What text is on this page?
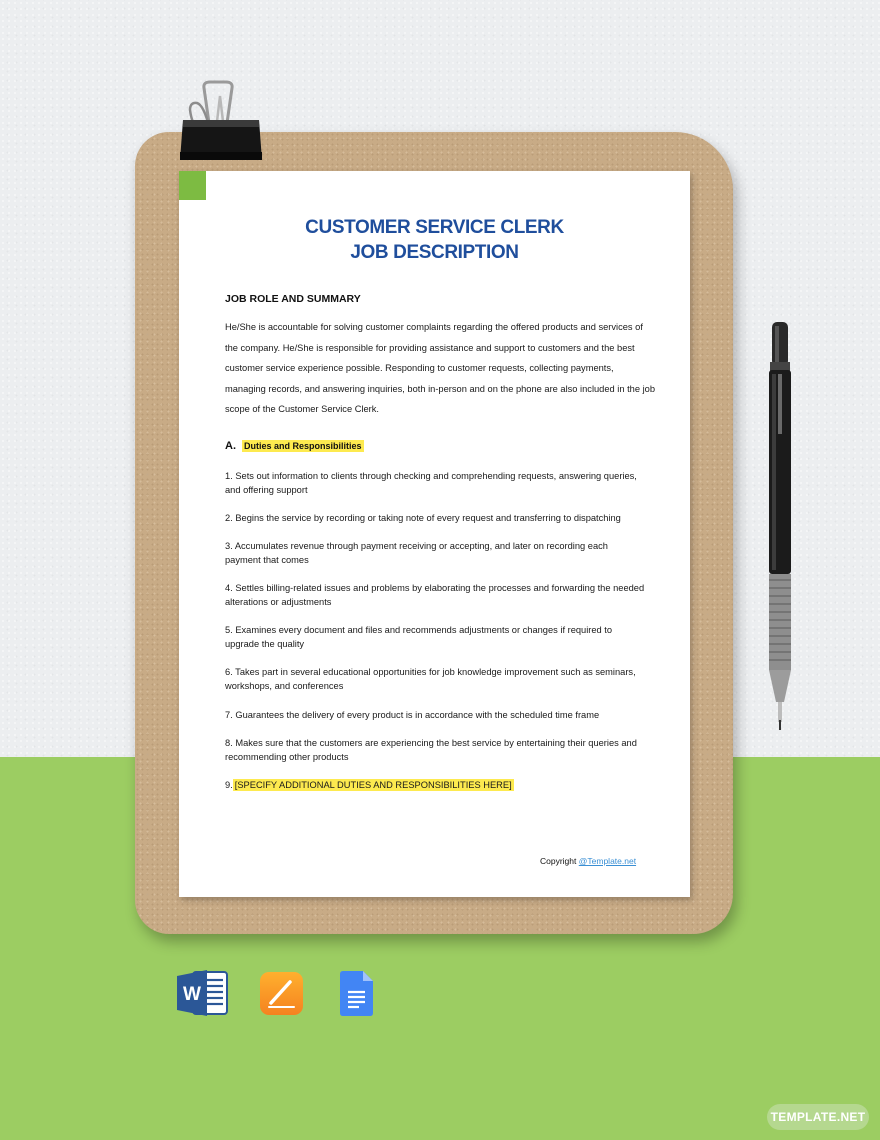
CUSTOMER SERVICE CLERK
JOB DESCRIPTION
JOB ROLE AND SUMMARY
He/She is accountable for solving customer complaints regarding the offered products and services of the company. He/She is responsible for providing assistance and support to customers and the best customer service experience possible. Responding to customer requests, collecting payments, managing records, and answering inquiries, both in-person and on the phone are also included in the job scope of the Customer Service Clerk.
A. Duties and Responsibilities
1. Sets out information to clients through checking and comprehending requests, answering queries, and offering support
2. Begins the service by recording or taking note of every request and transferring to dispatching
3. Accumulates revenue through payment receiving or accepting, and later on recording each payment that comes
4. Settles billing-related issues and problems by elaborating the processes and forwarding the needed alterations or adjustments
5. Examines every document and files and recommends adjustments or changes if required to upgrade the quality
6. Takes part in several educational opportunities for job knowledge improvement such as seminars, workshops, and conferences
7. Guarantees the delivery of every product is in accordance with the scheduled time frame
8. Makes sure that the customers are experiencing the best service by entertaining their queries and recommending other products
9. [SPECIFY ADDITIONAL DUTIES AND RESPONSIBILITIES HERE]
Copyright @Template.net
W
TEMPLATE.NET
